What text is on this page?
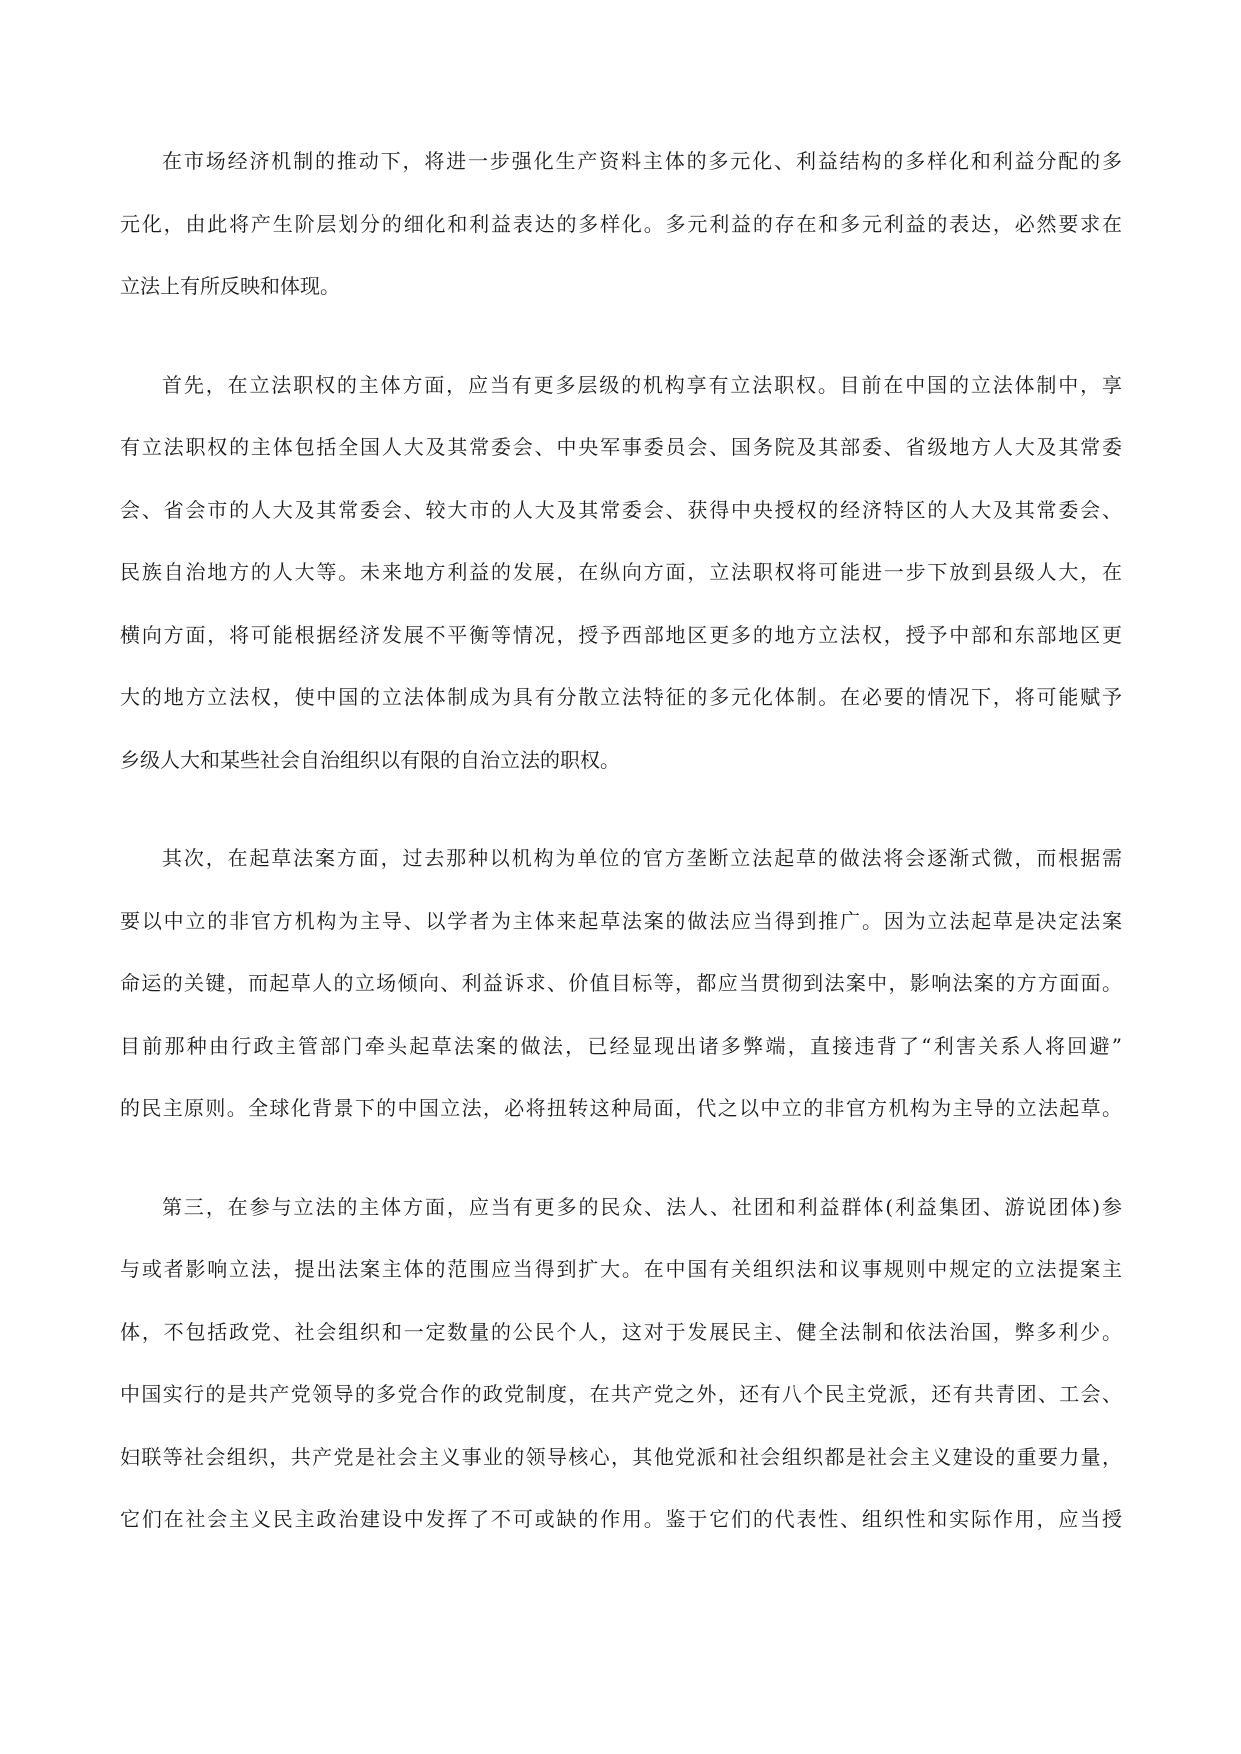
在市场经济机制的推动下，将进一步强化生产资料主体的多元化、利益结构的多样化和利益分配的多
元化，由此将产生阶层划分的细化和利益表达的多样化。多元利益的存在和多元利益的表达，必然要求在
立法上有所反映和体现。
首先，在立法职权的主体方面，应当有更多层级的机构享有立法职权。目前在中国的立法体制中，享
有立法职权的主体包括全国人大及其常委会、中央军事委员会、国务院及其部委、省级地方人大及其常委
会、省会市的人大及其常委会、较大市的人大及其常委会、获得中央授权的经济特区的人大及其常委会、
民族自治地方的人大等。未来地方利益的发展，在纵向方面，立法职权将可能进一步下放到县级人大，在
横向方面，将可能根据经济发展不平衡等情况，授予西部地区更多的地方立法权，授予中部和东部地区更
大的地方立法权，使中国的立法体制成为具有分散立法特征的多元化体制。在必要的情况下，将可能赋予
乡级人大和某些社会自治组织以有限的自治立法的职权。
其次，在起草法案方面，过去那种以机构为单位的官方垄断立法起草的做法将会逐渐式微，而根据需
要以中立的非官方机构为主导、以学者为主体来起草法案的做法应当得到推广。因为立法起草是决定法案
命运的关键，而起草人的立场倾向、利益诉求、价值目标等，都应当贯彻到法案中，影响法案的方方面面。
目前那种由行政主管部门牵头起草法案的做法，已经显现出诸多弊端，直接违背了“利害关系人将回避”
的民主原则。全球化背景下的中国立法，必将扭转这种局面，代之以中立的非官方机构为主导的立法起草。
第三，在参与立法的主体方面，应当有更多的民众、法人、社团和利益群体(利益集团、游说团体)参
与或者影响立法，提出法案主体的范围应当得到扩大。在中国有关组织法和议事规则中规定的立法提案主
体，不包括政党、社会组织和一定数量的公民个人，这对于发展民主、健全法制和依法治国，弊多利少。
中国实行的是共产党领导的多党合作的政党制度，在共产党之外，还有八个民主党派，还有共青团、工会、
妇联等社会组织，共产党是社会主义事业的领导核心，其他党派和社会组织都是社会主义建设的重要力量，
它们在社会主义民主政治建设中发挥了不可或缺的作用。鉴于它们的代表性、组织性和实际作用，应当授
